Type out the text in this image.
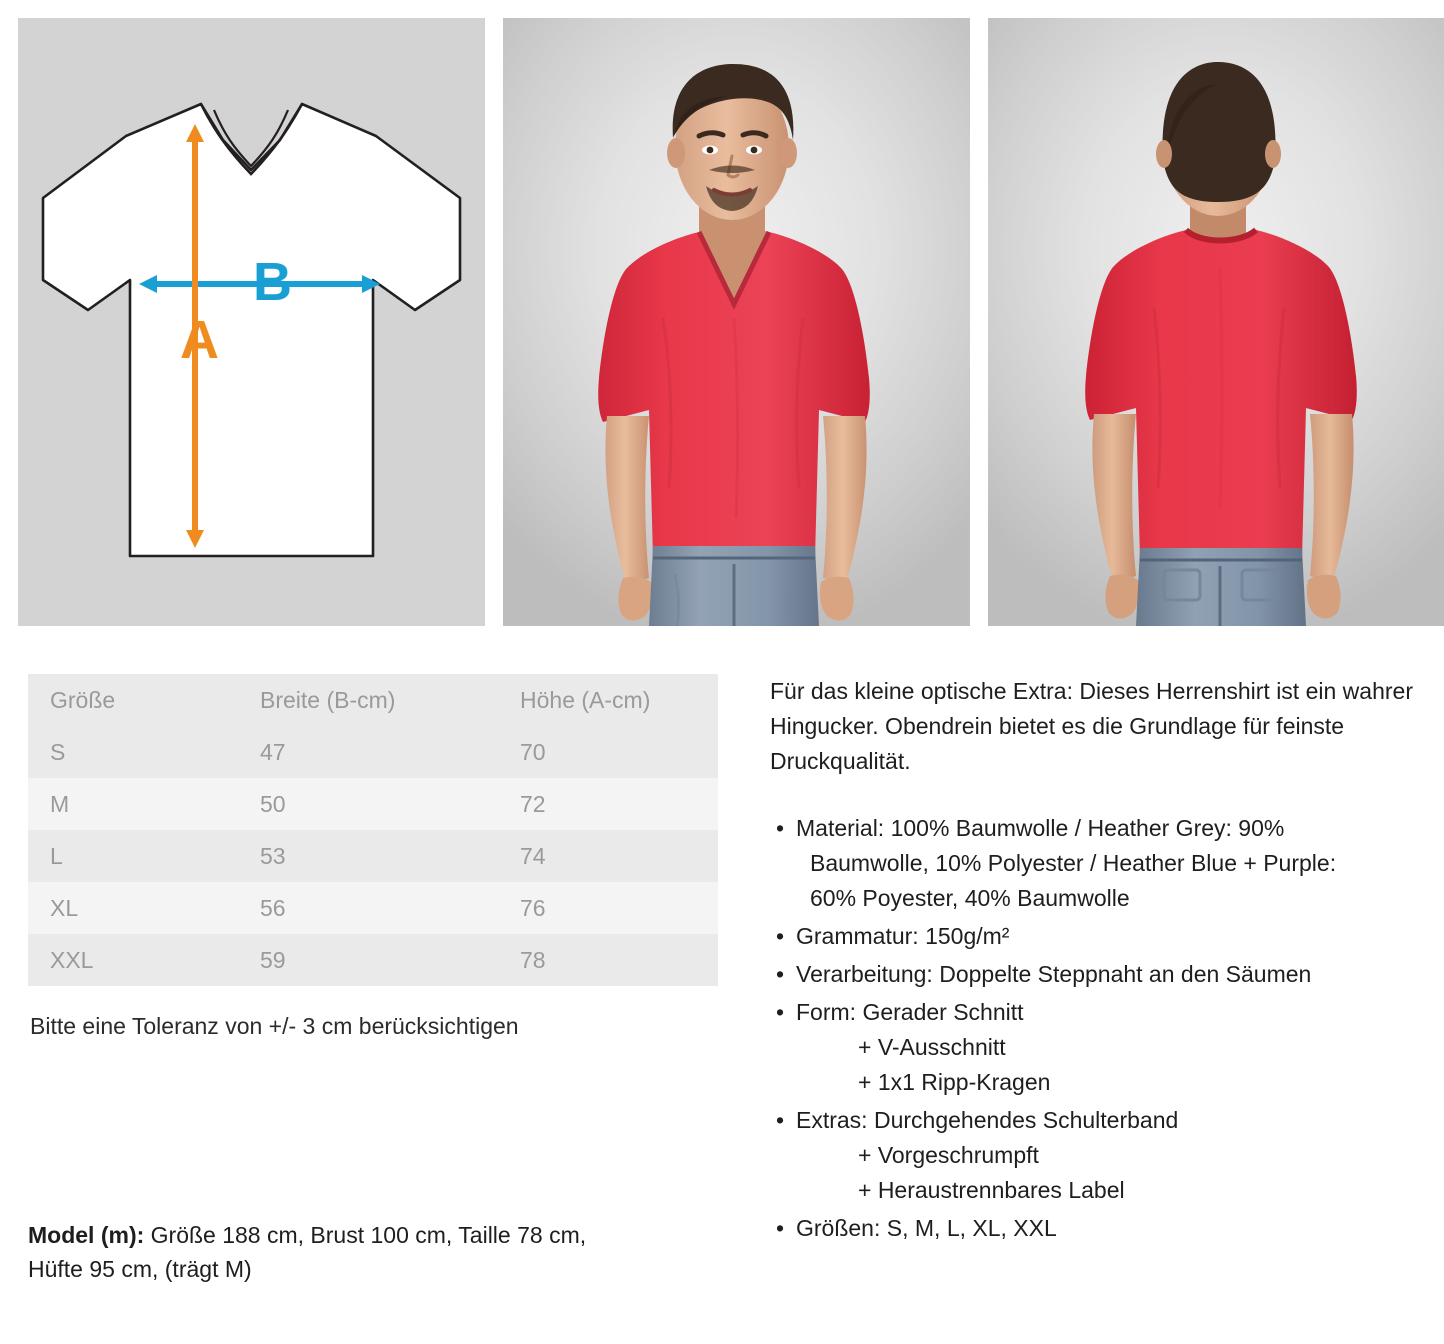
B
A
Größe	Breite (B-cm)	Höhe (A-cm)
S	47	70
M	50	72
L	53	74
XL	56	76
XXL	59	78
Bitte eine Toleranz von +/- 3 cm berücksichtigen

Für das kleine optische Extra: Dieses Herrenshirt ist ein wahrer Hingucker. Obendrein bietet es die Grundlage für feinste Druckqualität.

• Material: 100% Baumwolle / Heather Grey: 90%
Baumwolle, 10% Polyester / Heather Blue + Purple:
60% Poyester, 40% Baumwolle
• Grammatur: 150g/m²
• Verarbeitung: Doppelte Steppnaht an den Säumen
• Form: Gerader Schnitt
+ V-Ausschnitt
+ 1x1 Ripp-Kragen
• Extras: Durchgehendes Schulterband
+ Vorgeschrumpft
+ Heraustrennbares Label
• Größen: S, M, L, XL, XXL
Model (m): Größe 188 cm, Brust 100 cm, Taille 78 cm,
Hüfte 95 cm, (trägt M)
